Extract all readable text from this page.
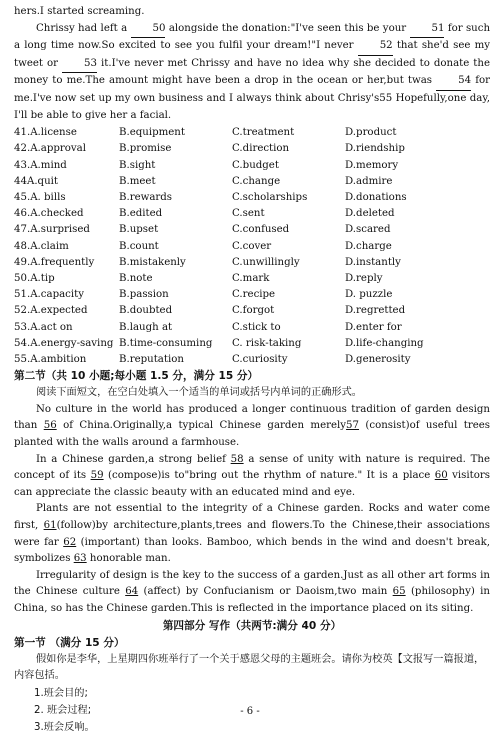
hers.I started screaming.

Chrissy had left a 50 alongside the donation:"I've seen this be your 51 for such a long time now.So excited to see you fulfil your dream!"I never 52 that she'd see my tweet or 53 it.I've never met Chrissy and have no idea why she decided to donate the money to me.The amount might have been a drop in the ocean or her,but twas 54 for me.I've now set up my own business and I always think about Chrisy's55 Hopefully,one day, I'll be able to give her a facial.

41.A.license	B.equipment	C.treatment	D.product
42.A.approval	B.promise	C.direction	D.riendship
43.A.mind	B.sight	C.budget	D.memory
44A.quit	B.meet	C.change	D.admire
45.A. bills	B.rewards	C.scholarships	D.donations
46.A.checked	B.edited	C.sent	D.deleted
47.A.surprised	B.upset	C.confused	D.scared
48.A.claim	B.count	C.cover	D.charge
49.A.frequently	B.mistakenly	C.unwillingly	D.instantly
50.A.tip	B.note	C.mark	D.reply
51.A.capacity	B.passion	C.recipe	D. puzzle
52.A.expected	B.doubted	C.forgot	D.regretted
53.A.act on	B.laugh at	C.stick to	D.enter for
54.A.energy-saving B.time-consuming	C. risk-taking	D.life-changing
55.A.ambition	B.reputation	C.curiosity	D.generosity

第二节（共 10 小题;每小题 1.5 分，满分 15 分）

阅读下面短文，在空白处填入一个适当的单词或括号内单词的正确形式。

No culture in the world has produced a longer continuous tradition of garden design than 56 of China.Originally,a typical Chinese garden merely57 (consist)of useful trees planted with the walls around a farmhouse.

In a Chinese garden,a strong belief 58 a sense of unity with nature is required. The concept of its 59 (compose)is to"bring out the rhythm of nature." It is a place 60 visitors can appreciate the classic beauty with an educated mind and eye.

Plants are not essential to the integrity of a Chinese garden. Rocks and water come first, 61(follow)by architecture,plants,trees and flowers.To the Chinese,their associations were far 62 (important) than looks. Bamboo, which bends in the wind and doesn't break, symbolizes 63 honorable man.

Irregularity of design is the key to the success of a garden.Just as all other art forms in the Chinese culture 64 (affect) by Confucianism or Daoism,two main 65 (philosophy) in China, so has the Chinese garden.This is reflected in the importance placed on its siting.

第四部分 写作（共两节:满分 40 分）

第一节 （满分 15 分）

假如你是李华，上星期四你班举行了一个关于感恩父母的主题班会。请你为校英【文报写一篇报道，内容包括。

1.班会目的;
2. 班会过程;
3.班会反响。
- 6 -
